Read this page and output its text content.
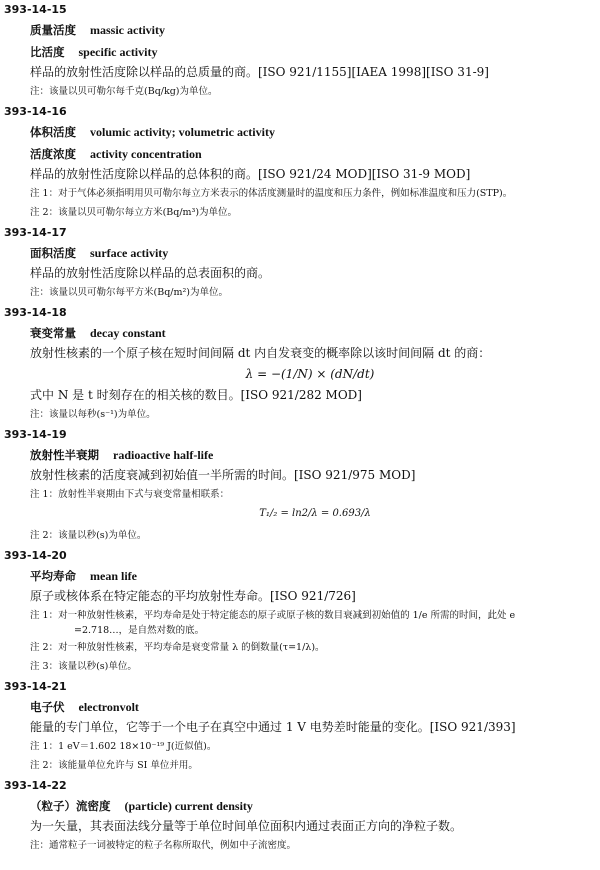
393-14-15
质量活度 massic activity
比活度 specific activity
样品的放射性活度除以样品的总质量的商。[ISO 921/1155][IAEA 1998][ISO 31-9]
注：该量以贝可勒尔每千克(Bq/kg)为单位。
393-14-16
体积活度 volumic activity; volumetric activity
活度浓度 activity concentration
样品的放射性活度除以样品的总体积的商。[ISO 921/24 MOD][ISO 31-9 MOD]
注 1：对于气体必须指明用贝可勒尔每立方米表示的体活度测量时的温度和压力条件，例如标准温度和压力(STP)。
注 2：该量以贝可勒尔每立方米(Bq/m³)为单位。
393-14-17
面积活度 surface activity
样品的放射性活度除以样品的总表面积的商。
注：该量以贝可勒尔每平方米(Bq/m²)为单位。
393-14-18
衰变常量 decay constant
放射性核素的一个原子核在短时间间隔 dt 内自发衰变的概率除以该时间间隔 dt 的商：
λ = −(1/N) × (dN/dt)
式中 N 是 t 时刻存在的相关核的数目。[ISO 921/282 MOD]
注：该量以每秒(s⁻¹)为单位。
393-14-19
放射性半衰期 radioactive half-life
放射性核素的活度衰减到初始值一半所需的时间。[ISO 921/975 MOD]
注 1：放射性半衰期由下式与衰变常量相联系：
T₁/₂ = ln2/λ = 0.693/λ
注 2：该量以秒(s)为单位。
393-14-20
平均寿命 mean life
原子或核体系在特定能态的平均放射性寿命。[ISO 921/726]
注 1：对一种放射性核素，平均寿命是处于特定能态的原子或原子核的数目衰减到初始值的 1/e 所需的时间，此处 e
=2.718…，是自然对数的底。
注 2：对一种放射性核素，平均寿命是衰变常量 λ 的倒数量(τ=1/λ)。
注 3：该量以秒(s)单位。
393-14-21
电子伏 electronvolt
能量的专门单位，它等于一个电子在真空中通过 1 V 电势差时能量的变化。[ISO 921/393]
注 1：1 eV＝1.602 18×10⁻¹⁹ J(近似值)。
注 2：该能量单位允许与 SI 单位并用。
393-14-22
（粒子）流密度 (particle) current density
为一矢量，其表面法线分量等于单位时间单位面积内通过表面正方向的净粒子数。
注：通常粒子一词被特定的粒子名称所取代，例如中子流密度。
